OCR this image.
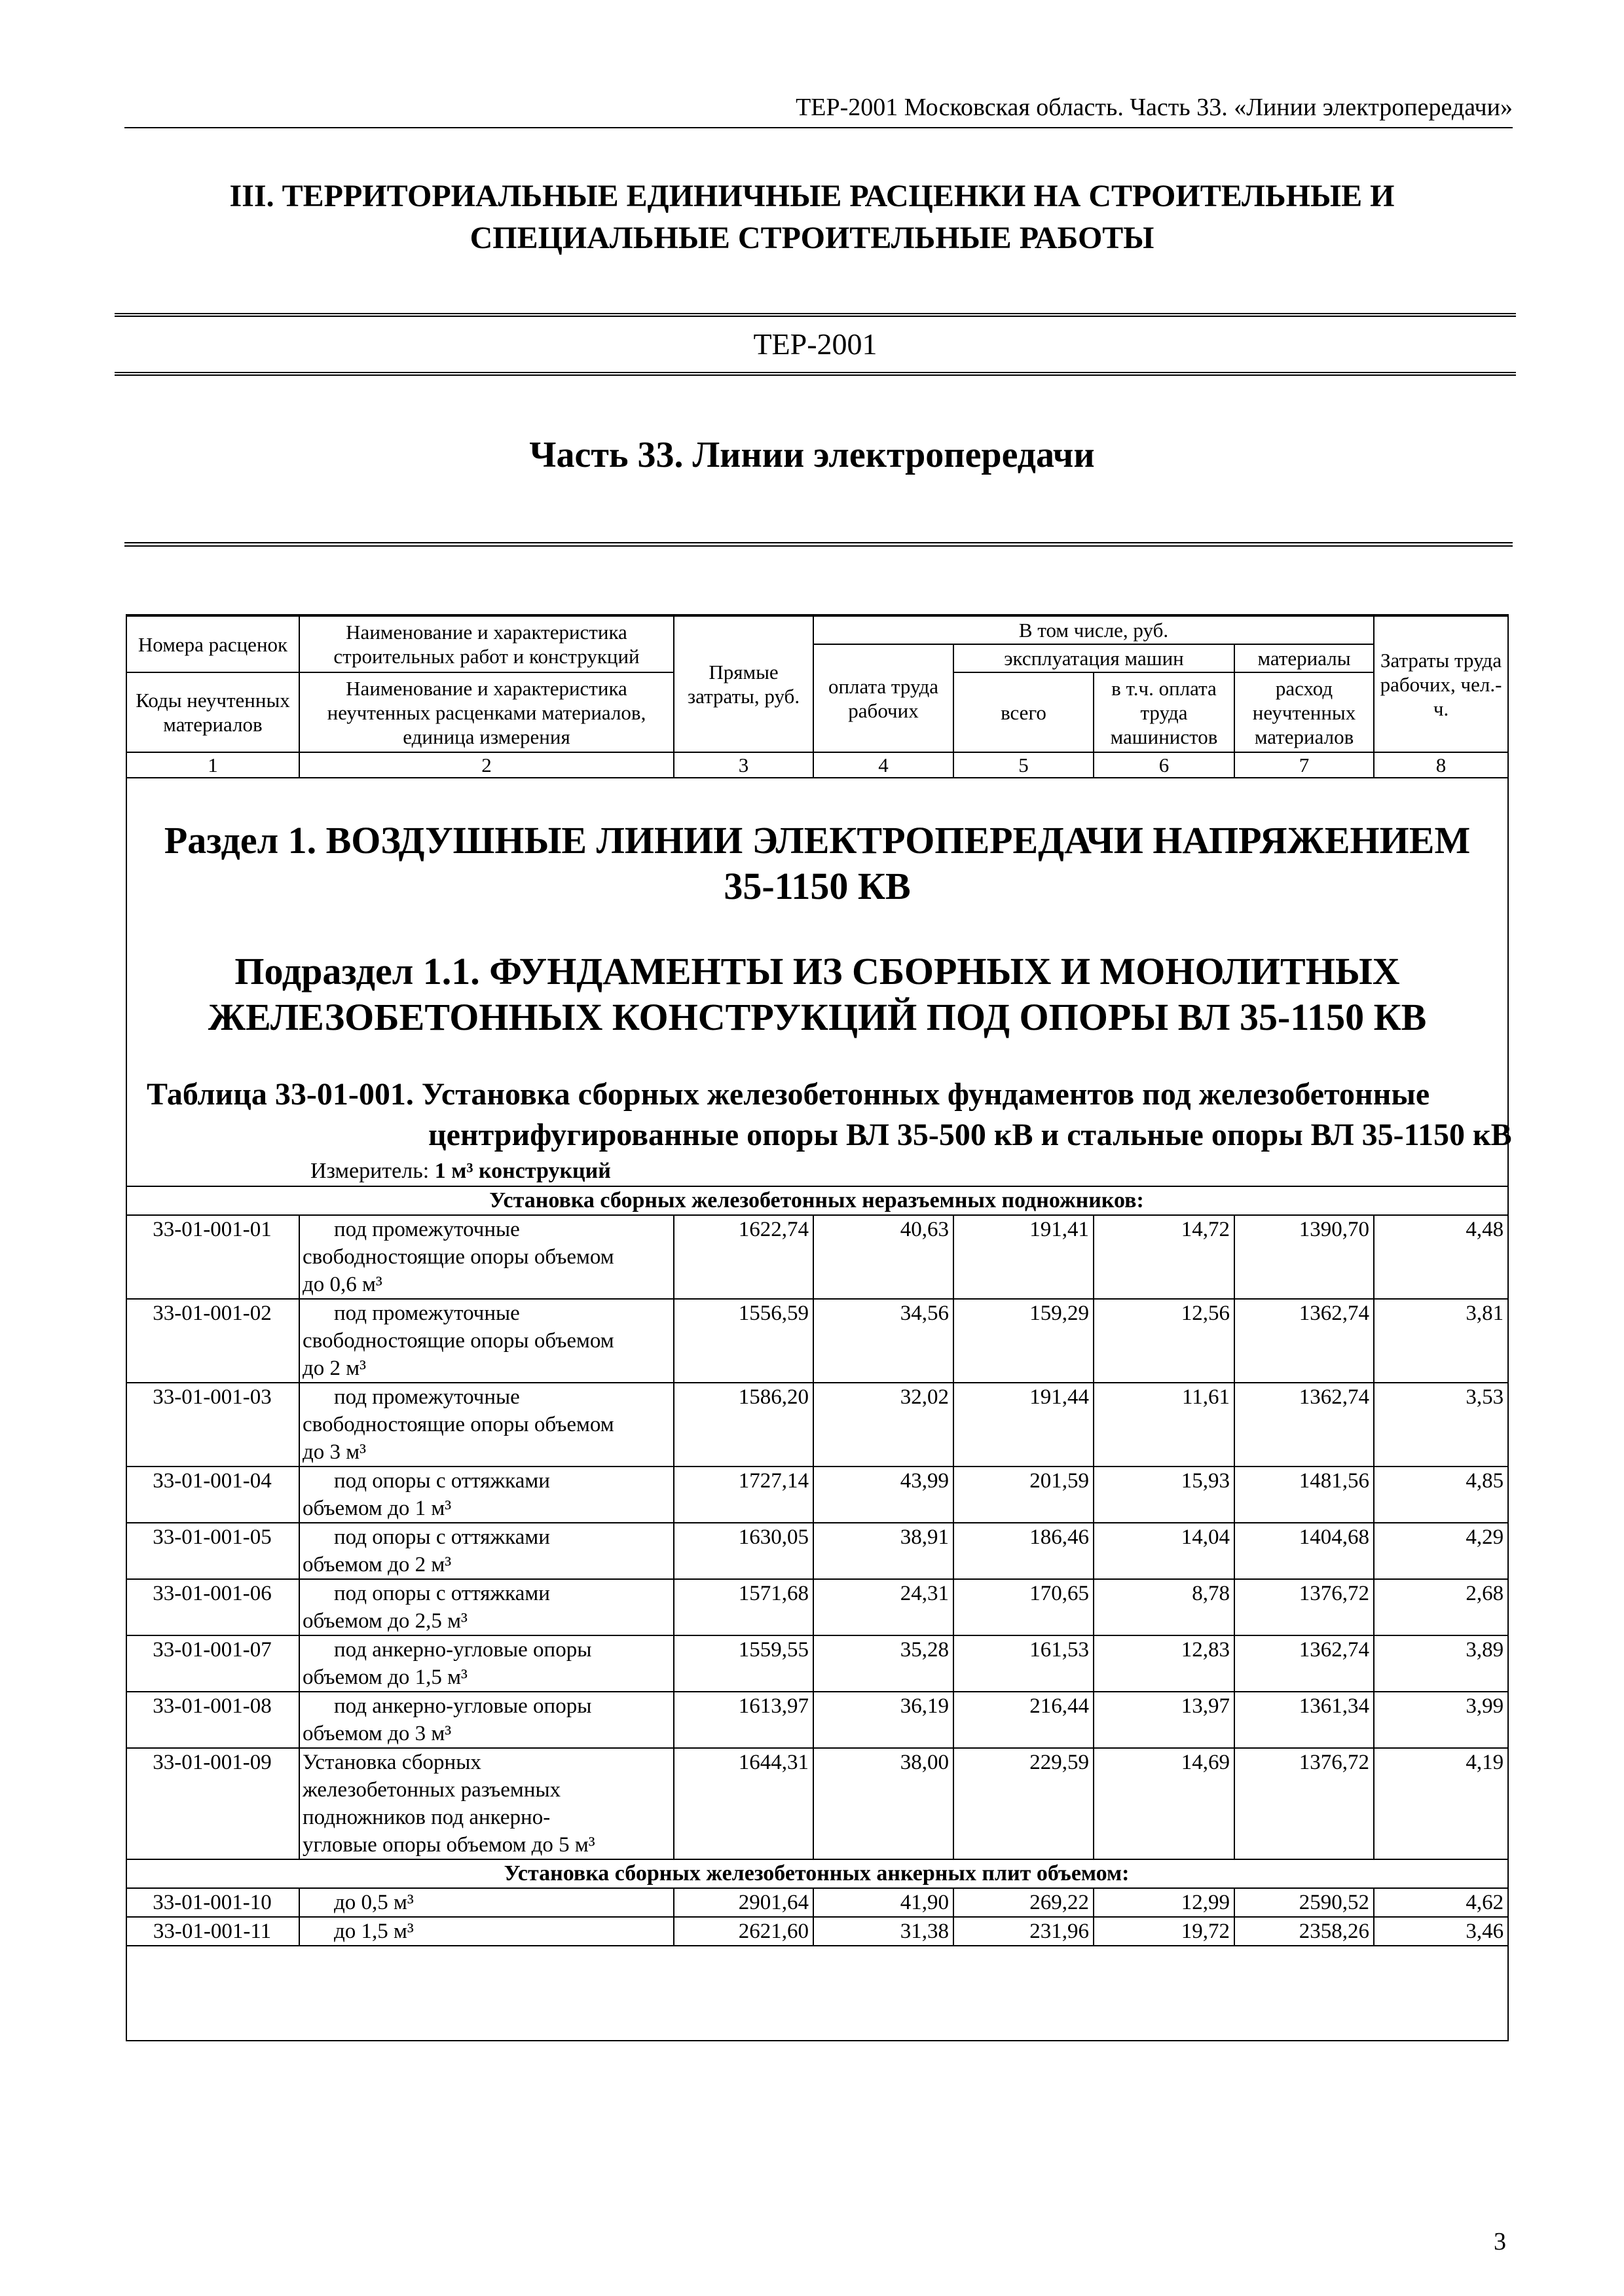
ТЕР-2001 Московская область. Часть 33. «Линии электропередачи»
III. ТЕРРИТОРИАЛЬНЫЕ ЕДИНИЧНЫЕ РАСЦЕНКИ НА СТРОИТЕЛЬНЫЕ И
СПЕЦИАЛЬНЫЕ СТРОИТЕЛЬНЫЕ РАБОТЫ
ТЕР-2001
Часть 33. Линии электропередачи
Номера расценок	Наименование и характеристика строительных работ и конструкций	Прямые затраты, руб.	В том числе, руб.				Затраты труда рабочих, чел.-ч.
			оплата труда рабочих	эксплуатация машин		материалы	
Коды неучтенных материалов	Наименование и характеристика неучтенных расценками материалов, единица измерения			всего	в т.ч. оплата труда машинистов	расход неучтенных материалов	

1	2	3	4	5	6	7	8
Раздел 1. ВОЗДУШНЫЕ ЛИНИИ ЭЛЕКТРОПЕРЕДАЧИ НАПРЯЖЕНИЕМ
35-1150 КВ
Подраздел 1.1. ФУНДАМЕНТЫ ИЗ СБОРНЫХ И МОНОЛИТНЫХ
ЖЕЛЕЗОБЕТОННЫХ КОНСТРУКЦИЙ ПОД ОПОРЫ ВЛ 35-1150 КВ
Таблица 33-01-001. Установка сборных железобетонных фундаментов под железобетонные центрифугированные опоры ВЛ 35-500 кВ и стальные опоры ВЛ 35-1150 кВ
Измеритель: 1 м³ конструкций
Установка сборных железобетонных неразъемных подножников:							
33-01-001-01	под промежуточные
свободностоящие опоры объемом
до 0,6 м³	1622,74	40,63	191,41	14,72	1390,70	4,48
33-01-001-02	под промежуточные
свободностоящие опоры объемом
до 2 м³	1556,59	34,56	159,29	12,56	1362,74	3,81
33-01-001-03	под промежуточные
свободностоящие опоры объемом
до 3 м³	1586,20	32,02	191,44	11,61	1362,74	3,53
33-01-001-04	под опоры с оттяжками
объемом до 1 м³	1727,14	43,99	201,59	15,93	1481,56	4,85
33-01-001-05	под опоры с оттяжками
объемом до 2 м³	1630,05	38,91	186,46	14,04	1404,68	4,29
33-01-001-06	под опоры с оттяжками
объемом до 2,5 м³	1571,68	24,31	170,65	8,78	1376,72	2,68
33-01-001-07	под анкерно-угловые опоры
объемом до 1,5 м³	1559,55	35,28	161,53	12,83	1362,74	3,89
33-01-001-08	под анкерно-угловые опоры
объемом до 3 м³	1613,97	36,19	216,44	13,97	1361,34	3,99
33-01-001-09	Установка сборных
железобетонных разъемных
подножников под анкерно-
угловые опоры объемом до 5 м³	1644,31	38,00	229,59	14,69	1376,72	4,19
Установка сборных железобетонных анкерных плит объемом:							
33-01-001-10	до 0,5 м³	2901,64	41,90	269,22	12,99	2590,52	4,62
33-01-001-11	до 1,5 м³	2621,60	31,38	231,96	19,72	2358,26	3,46
3
